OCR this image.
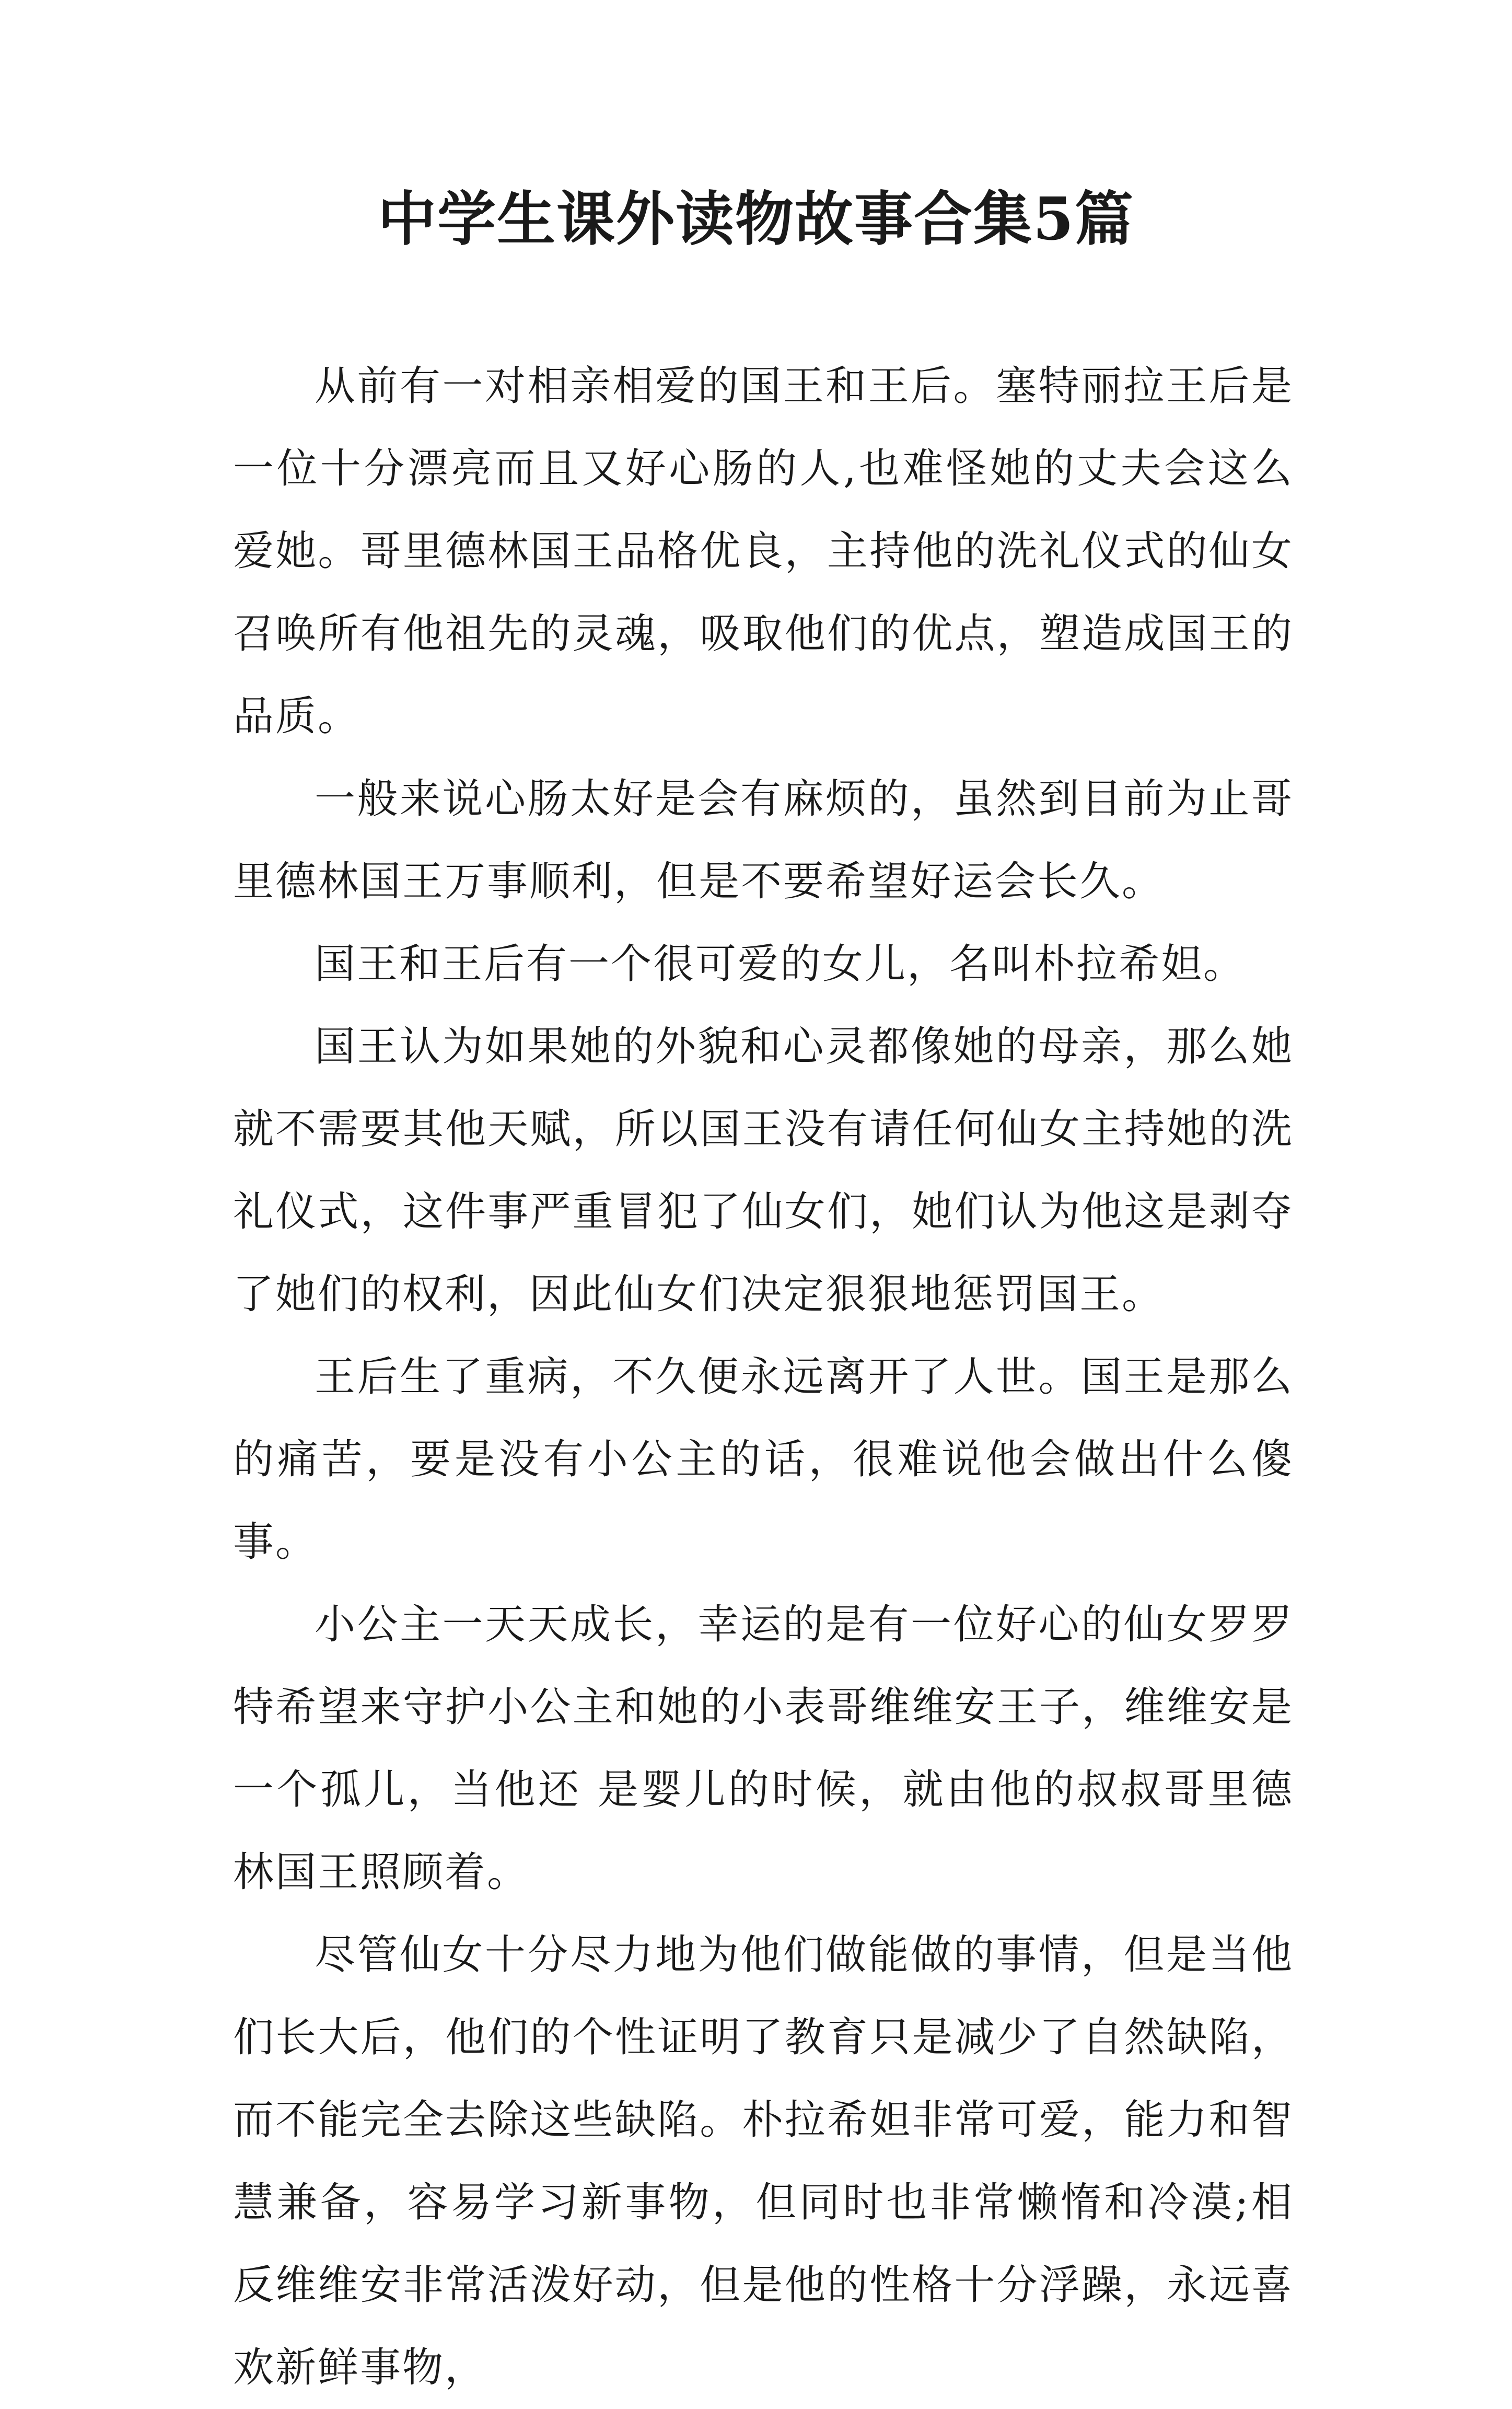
中学生课外读物故事合集5篇

从前有一对相亲相爱的国王和王后。塞特丽拉王后是一位十分漂亮而且又好心肠的人,也难怪她的丈夫会这么爱她。哥里德林国王品格优良，主持他的洗礼仪式的仙女召唤所有他祖先的灵魂，吸取他们的优点，塑造成国王的品质。

一般来说心肠太好是会有麻烦的，虽然到目前为止哥里德林国王万事顺利，但是不要希望好运会长久。

国王和王后有一个很可爱的女儿，名叫朴拉希妲。

国王认为如果她的外貌和心灵都像她的母亲，那么她就不需要其他天赋，所以国王没有请任何仙女主持她的洗礼仪式，这件事严重冒犯了仙女们，她们认为他这是剥夺了她们的权利，因此仙女们决定狠狠地惩罚国王。

王后生了重病，不久便永远离开了人世。国王是那么的痛苦，要是没有小公主的话，很难说他会做出什么傻事。

小公主一天天成长，幸运的是有一位好心的仙女罗罗特希望来守护小公主和她的小表哥维维安王子，维维安是一个孤儿，当他还 是婴儿的时候，就由他的叔叔哥里德林国王照顾着。

尽管仙女十分尽力地为他们做能做的事情，但是当他们长大后，他们的个性证明了教育只是减少了自然缺陷，而不能完全去除这些缺陷。朴拉希妲非常可爱，能力和智慧兼备，容易学习新事物，但同时也非常懒惰和冷漠;相反维维安非常活泼好动，但是他的性格十分浮躁，永远喜欢新鲜事物，
